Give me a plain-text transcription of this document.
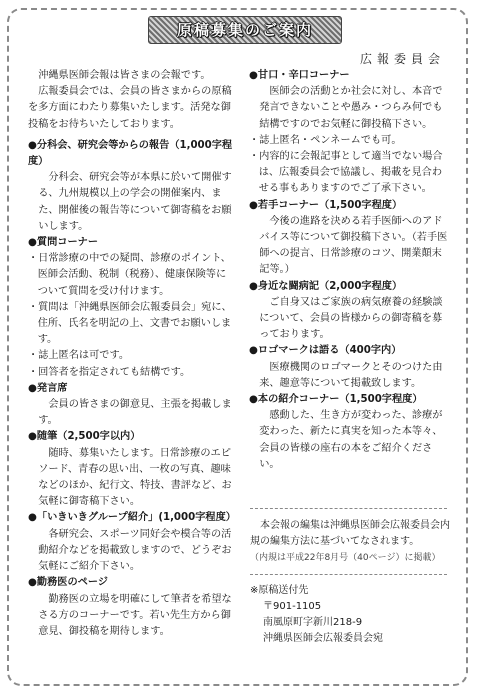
原稿募集のご案内
広報委員会

沖縄県医師会報は皆さまの会報です。

広報委員会では、会員の皆さまからの原稿を多方面にわたり募集いたします。活発な御投稿をお待ちいたしております。

●分科会、研究会等からの報告（1,000字程度）

分科会、研究会等が本県に於いて開催する、九州規模以上の学会の開催案内、また、開催後の報告等について御寄稿をお願いします。

●質問コーナー

・日常診療の中での疑問、診療のポイント、医師会活動、税制（税務）、健康保険等について質問を受け付けます。

・質問は「沖縄県医師会広報委員会」宛に、住所、氏名を明記の上、文書でお願いします。

・誌上匿名は可です。

・回答者を指定されても結構です。

●発言席

会員の皆さまの御意見、主張を掲載します。

●随筆（2,500字以内）

随時、募集いたします。日常診療のエピソード、青春の思い出、一枚の写真、趣味などのほか、紀行文、特技、書評など、お気軽に御寄稿下さい。

●「いきいきグループ紹介」(1,000字程度）

各研究会、スポーツ同好会や模合等の活動紹介などを掲載致しますので、どうぞお気軽にご紹介下さい。

●勤務医のページ

勤務医の立場を明確にして筆者を希望なさる方のコーナーです。若い先生方から御意見、御投稿を期待します。

●甘口・辛口コーナー

医師会の活動とか社会に対し、本音で発言できないことや愚み・つらみ何でも結構ですのでお気軽に御投稿下さい。

・誌上匿名・ペンネームでも可。

・内容的に会報記事として適当でない場合は、広報委員会で協議し、掲載を見合わせる事もありますのでご了承下さい。

●若手コーナー（1,500字程度）

今後の進路を決める若手医師へのアドバイス等について御投稿下さい。（若手医師への提言、日常診療のコツ、開業顛末記等。）

●身近な闘病記（2,000字程度）

ご自身又はご家族の病気療養の経験談について、会員の皆様からの御寄稿を募っております。

●ロゴマークは語る（400字内）

医療機関のロゴマークとそのつけた由来、趣意等について掲載致します。

●本の紹介コーナー（1,500字程度）

感動した、生き方が変わった、診療が変わった、新たに真実を知った本等々、会員の皆様の座右の本をご紹介ください。

本会報の編集は沖縄県医師会広報委員会内規の編集方法に基づいてなされます。
（内規は平成22年8月号（40ページ）に掲載）
※原稿送付先
〒901-1105
南風原町字新川218-9
沖縄県医師会広報委員会宛
